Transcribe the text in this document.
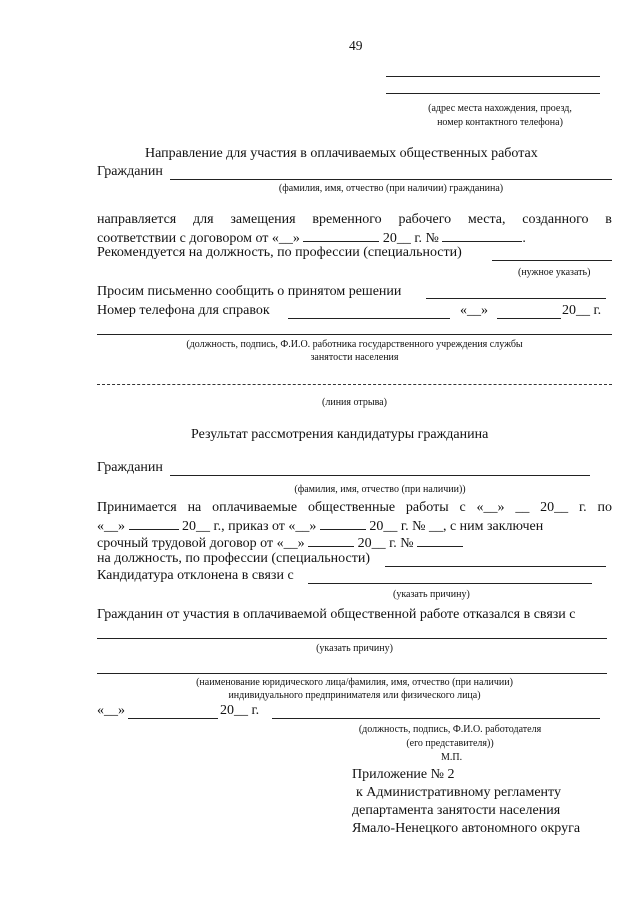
49
(адрес места нахождения, проезд,
номер контактного телефона)
Направление для участия в оплачиваемых общественных работах
Гражданин
(фамилия, имя, отчество (при наличии) гражданина)
направляется для замещения временного рабочего места, созданного в
соответствии с договором от «__»	20__ г. №	.
Рекомендуется на должность, по профессии (специальности)
(нужное указать)
Просим письменно сообщить о принятом решении
Номер телефона для справок	«__»	20__ г.
(должность, подпись, Ф.И.О. работника государственного учреждения службы
занятости населения
(линия отрыва)
Результат рассмотрения кандидатуры гражданина
Гражданин
(фамилия, имя, отчество (при наличии))
Принимается на оплачиваемые общественные работы с «__» __ 20__ г. по
«__»	20__ г., приказ от «__»	20__ г. № __, с ним заключен
срочный трудовой договор от «__»	20__ г. №
на должность, по профессии (специальности)
Кандидатура отклонена в связи с
(указать причину)
Гражданин от участия в оплачиваемой общественной работе отказался в связи с
(указать причину)
(наименование юридического лица/фамилия, имя, отчество (при наличии)
индивидуального предпринимателя или физического лица)
«__»	20__ г.
(должность, подпись, Ф.И.О. работодателя
(его представителя))
М.П.
Приложение № 2
к Административному регламенту
департамента занятости населения
Ямало-Ненецкого автономного округа
